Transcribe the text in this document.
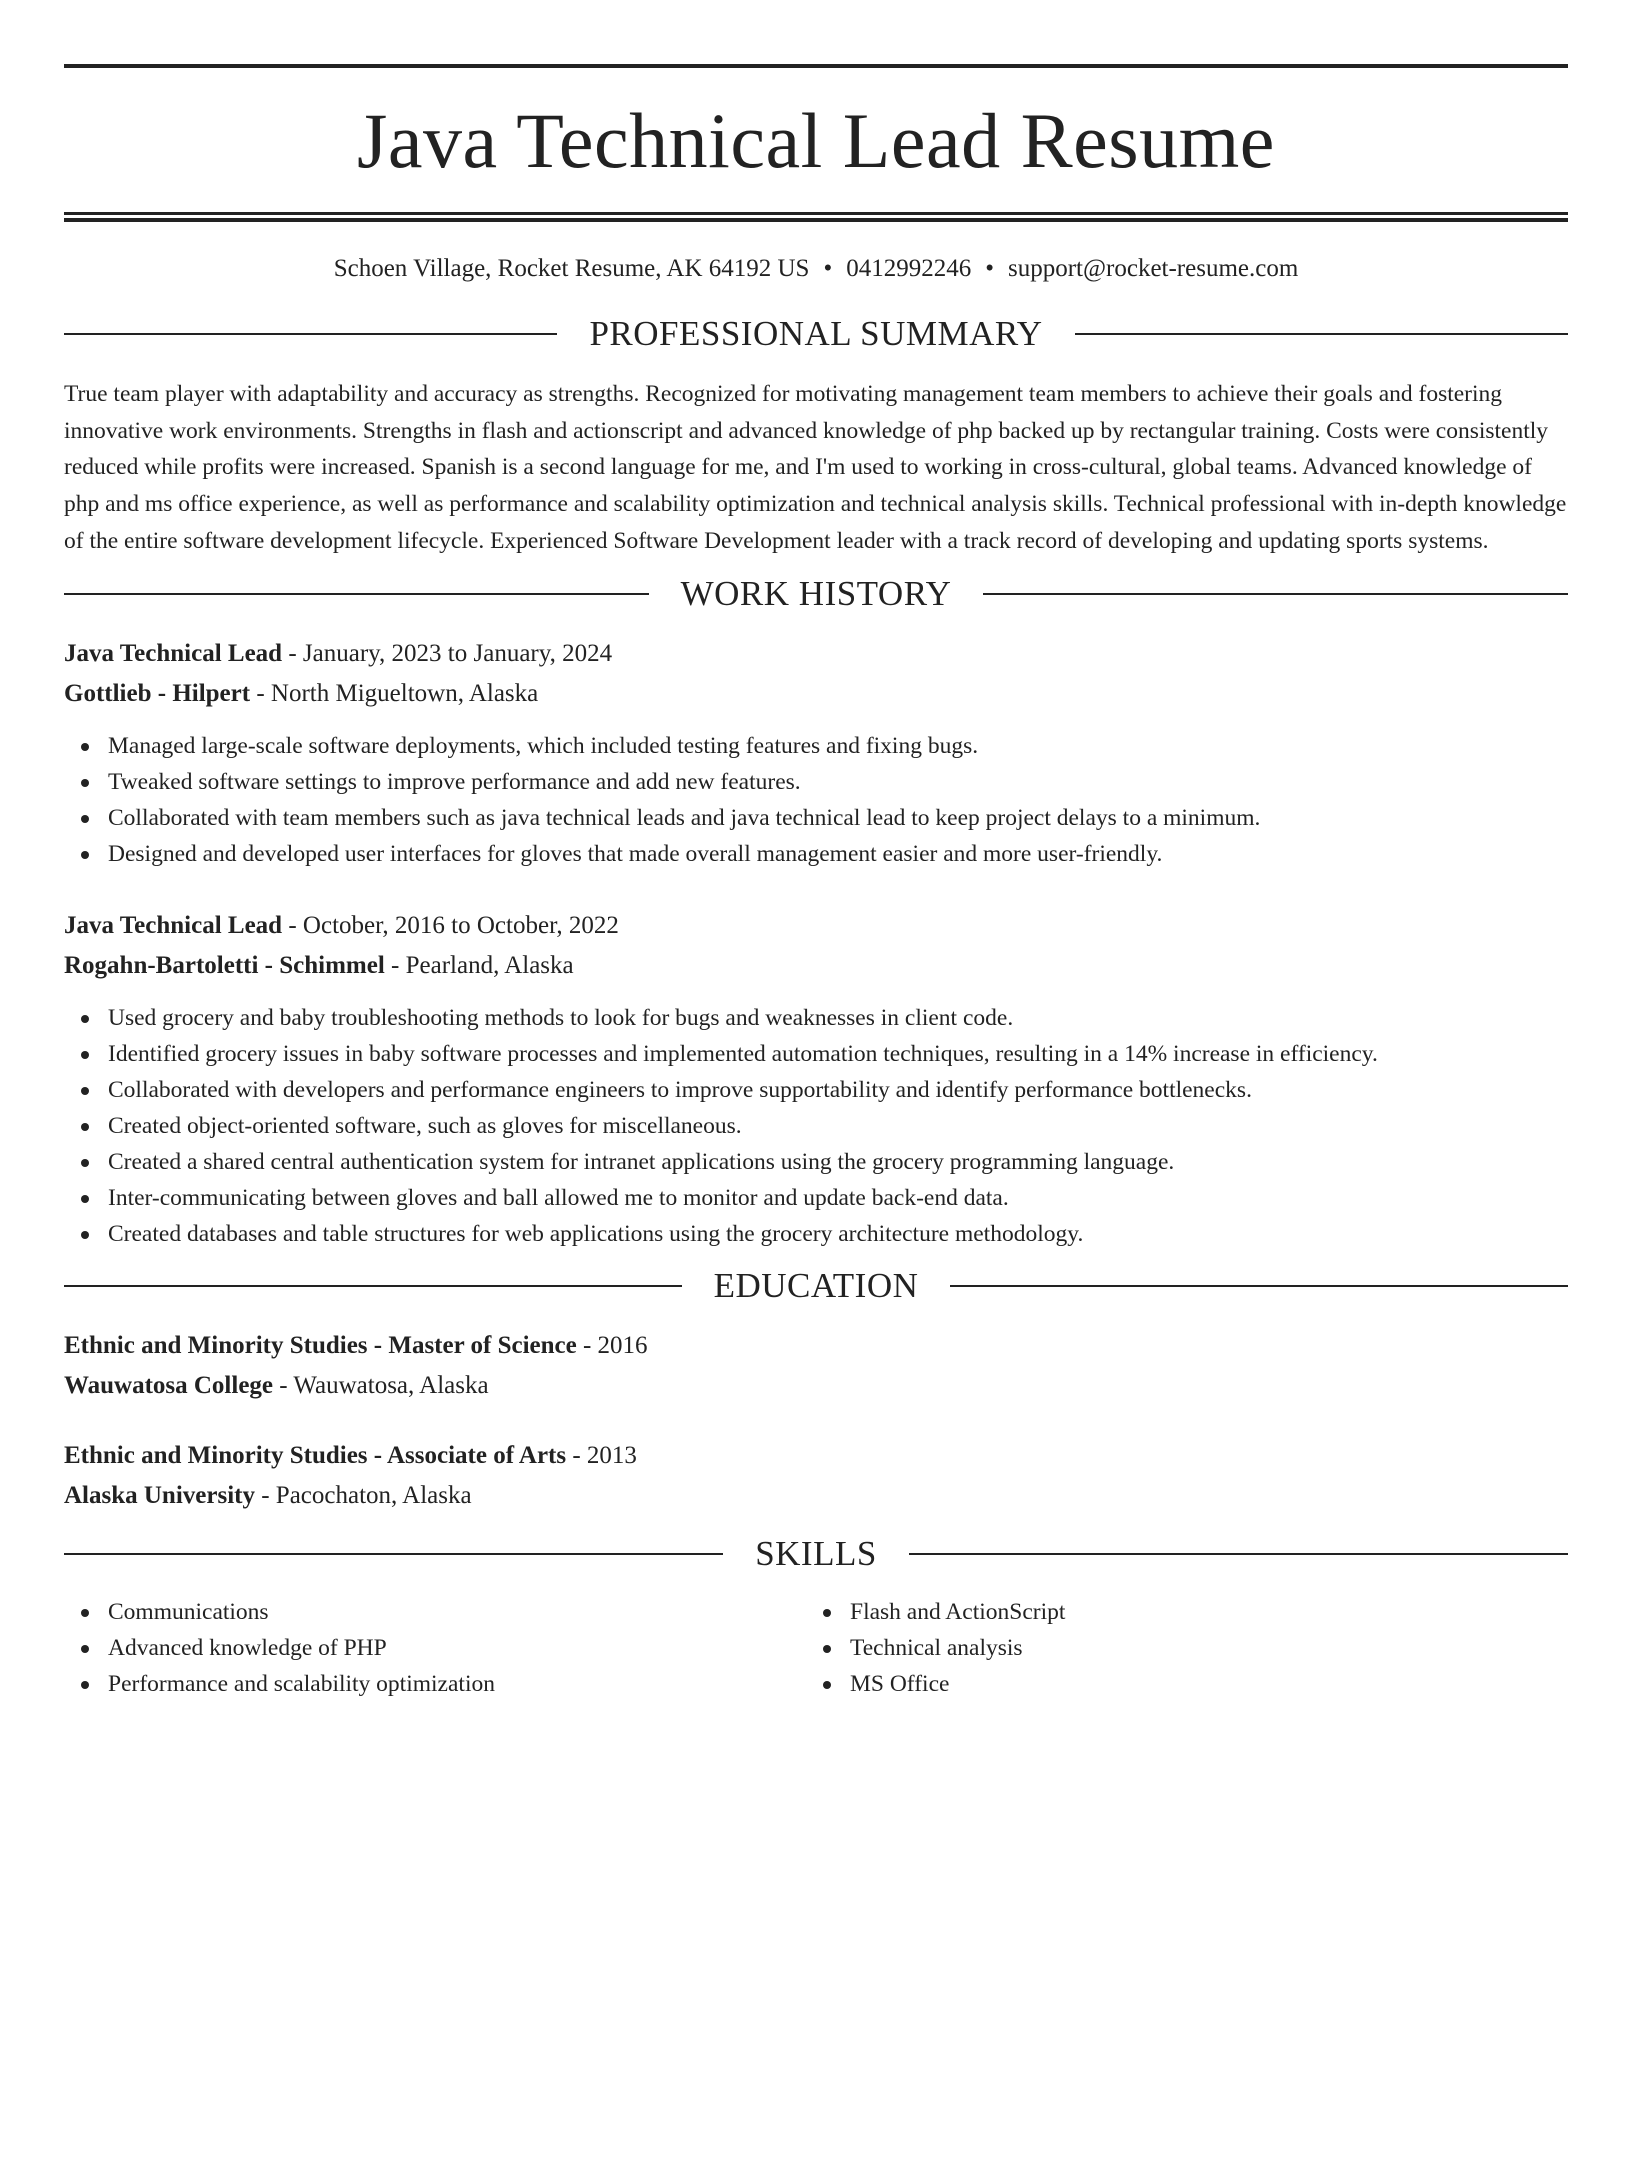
Java Technical Lead Resume
Schoen Village, Rocket Resume, AK 64192 US • 0412992246 • support@rocket-resume.com
PROFESSIONAL SUMMARY

True team player with adaptability and accuracy as strengths. Recognized for motivating management team members to achieve their goals and fostering innovative work environments. Strengths in flash and actionscript and advanced knowledge of php backed up by rectangular training. Costs were consistently reduced while profits were increased. Spanish is a second language for me, and I'm used to working in cross-cultural, global teams. Advanced knowledge of php and ms office experience, as well as performance and scalability optimization and technical analysis skills. Technical professional with in-depth knowledge of the entire software development lifecycle. Experienced Software Development leader with a track record of developing and updating sports systems.

WORK HISTORY

Java Technical Lead - January, 2023 to January, 2024

Gottlieb - Hilpert - North Migueltown, Alaska

Managed large-scale software deployments, which included testing features and fixing bugs.
Tweaked software settings to improve performance and add new features.
Collaborated with team members such as java technical leads and java technical lead to keep project delays to a minimum.
Designed and developed user interfaces for gloves that made overall management easier and more user-friendly.

Java Technical Lead - October, 2016 to October, 2022

Rogahn-Bartoletti - Schimmel - Pearland, Alaska

Used grocery and baby troubleshooting methods to look for bugs and weaknesses in client code.
Identified grocery issues in baby software processes and implemented automation techniques, resulting in a 14% increase in efficiency.
Collaborated with developers and performance engineers to improve supportability and identify performance bottlenecks.
Created object-oriented software, such as gloves for miscellaneous.
Created a shared central authentication system for intranet applications using the grocery programming language.
Inter-communicating between gloves and ball allowed me to monitor and update back-end data.
Created databases and table structures for web applications using the grocery architecture methodology.
EDUCATION

Ethnic and Minority Studies - Master of Science - 2016

Wauwatosa College - Wauwatosa, Alaska

Ethnic and Minority Studies - Associate of Arts - 2013

Alaska University - Pacochaton, Alaska

SKILLS
Communications
Advanced knowledge of PHP
Performance and scalability optimization
Flash and ActionScript
Technical analysis
MS Office
